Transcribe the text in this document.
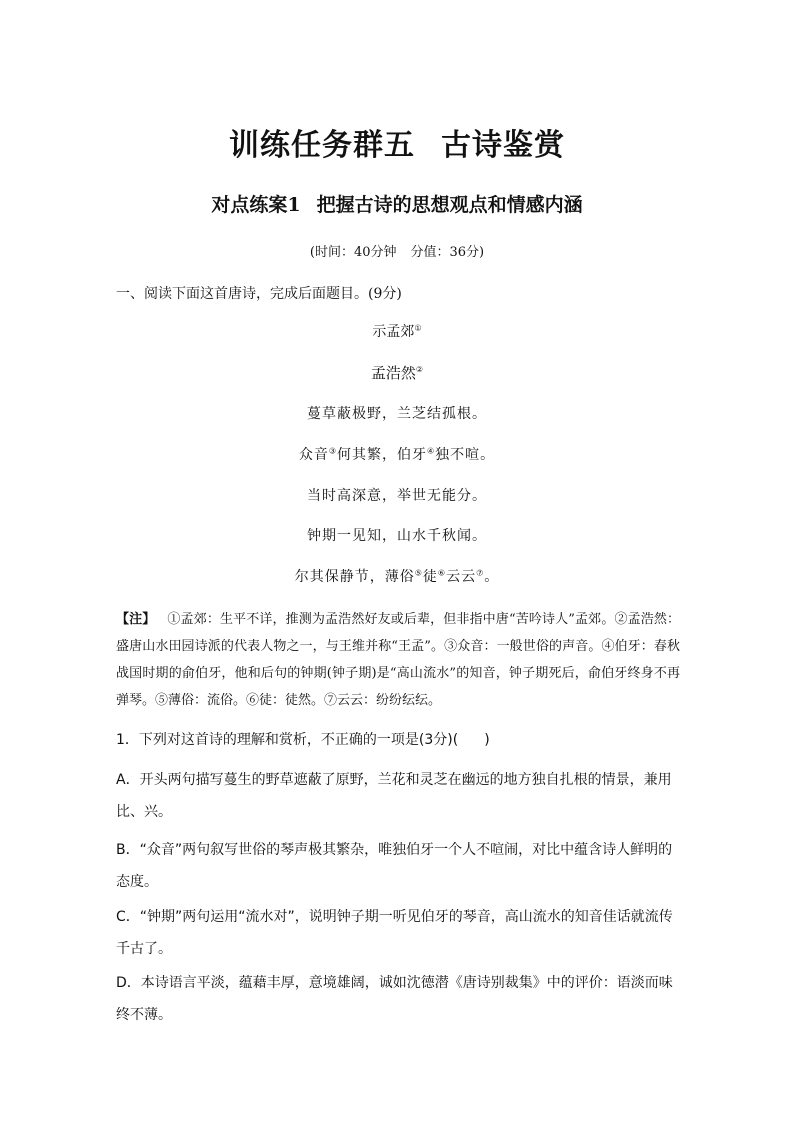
训练任务群五 古诗鉴赏
对点练案1 把握古诗的思想观点和情感内涵
(时间：40分钟 分值：36分)
一、阅读下面这首唐诗，完成后面题目。(9分)
示孟郊①
孟浩然②
蔓草蔽极野，兰芝结孤根。
众音③何其繁，伯牙④独不喧。
当时高深意，举世无能分。
钟期一见知，山水千秋闻。
尔其保静节，薄俗⑤徒⑥云云⑦。
【注】 ①孟郊：生平不详，推测为孟浩然好友或后辈，但非指中唐“苦吟诗人”孟郊。②孟浩然：盛唐山水田园诗派的代表人物之一，与王维并称“王孟”。③众音：一般世俗的声音。④伯牙：春秋战国时期的俞伯牙，他和后句的钟期(钟子期)是“高山流水”的知音，钟子期死后，俞伯牙终身不再弹琴。⑤薄俗：流俗。⑥徒：徒然。⑦云云：纷纷纭纭。
1．下列对这首诗的理解和赏析，不正确的一项是(3分)( )
A．开头两句描写蔓生的野草遮蔽了原野，兰花和灵芝在幽远的地方独自扎根的情景，兼用比、兴。
B．“众音”两句叙写世俗的琴声极其繁杂，唯独伯牙一个人不喧闹，对比中蕴含诗人鲜明的态度。
C．“钟期”两句运用“流水对”，说明钟子期一听见伯牙的琴音，高山流水的知音佳话就流传千古了。
D．本诗语言平淡，蕴藉丰厚，意境雄阔，诚如沈德潜《唐诗别裁集》中的评价：语淡而味终不薄。
